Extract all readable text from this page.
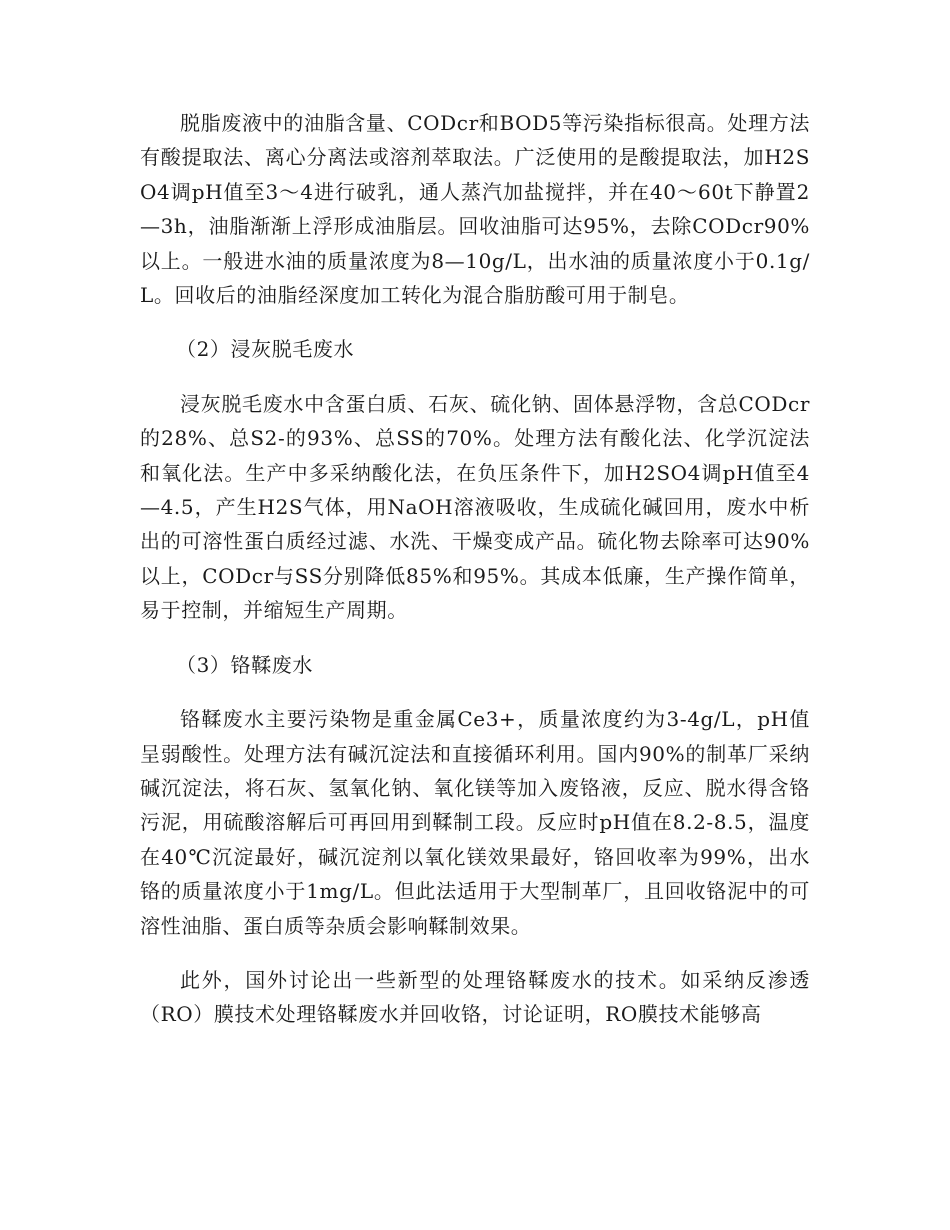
脱脂废液中的油脂含量、CODcr和BOD5等污染指标很高。处理方法有酸提取法、离心分离法或溶剂萃取法。广泛使用的是酸提取法，加H2SO4调pH值至3～4进行破乳，通人蒸汽加盐搅拌，并在40～60t下静置2—3h，油脂渐渐上浮形成油脂层。回收油脂可达95%，去除CODcr90%以上。一般进水油的质量浓度为8—10g/L，出水油的质量浓度小于0.1g/L。回收后的油脂经深度加工转化为混合脂肪酸可用于制皂。

（2）浸灰脱毛废水

浸灰脱毛废水中含蛋白质、石灰、硫化钠、固体悬浮物，含总CODcr的28%、总S2-的93%、总SS的70%。处理方法有酸化法、化学沉淀法和氧化法。生产中多采纳酸化法，在负压条件下，加H2SO4调pH值至4—4.5，产生H2S气体，用NaOH溶液吸收，生成硫化碱回用，废水中析出的可溶性蛋白质经过滤、水洗、干燥变成产品。硫化物去除率可达90%以上，CODcr与SS分别降低85%和95%。其成本低廉，生产操作简单，易于控制，并缩短生产周期。

（3）铬鞣废水

铬鞣废水主要污染物是重金属Ce3+，质量浓度约为3-4g/L，pH值呈弱酸性。处理方法有碱沉淀法和直接循环利用。国内90%的制革厂采纳碱沉淀法，将石灰、氢氧化钠、氧化镁等加入废铬液，反应、脱水得含铬污泥，用硫酸溶解后可再回用到鞣制工段。反应时pH值在8.2-8.5，温度在40℃沉淀最好，碱沉淀剂以氧化镁效果最好，铬回收率为99%，出水铬的质量浓度小于1mg/L。但此法适用于大型制革厂，且回收铬泥中的可溶性油脂、蛋白质等杂质会影响鞣制效果。

此外，国外讨论出一些新型的处理铬鞣废水的技术。如采纳反渗透（RO）膜技术处理铬鞣废水并回收铬，讨论证明，RO膜技术能够高
